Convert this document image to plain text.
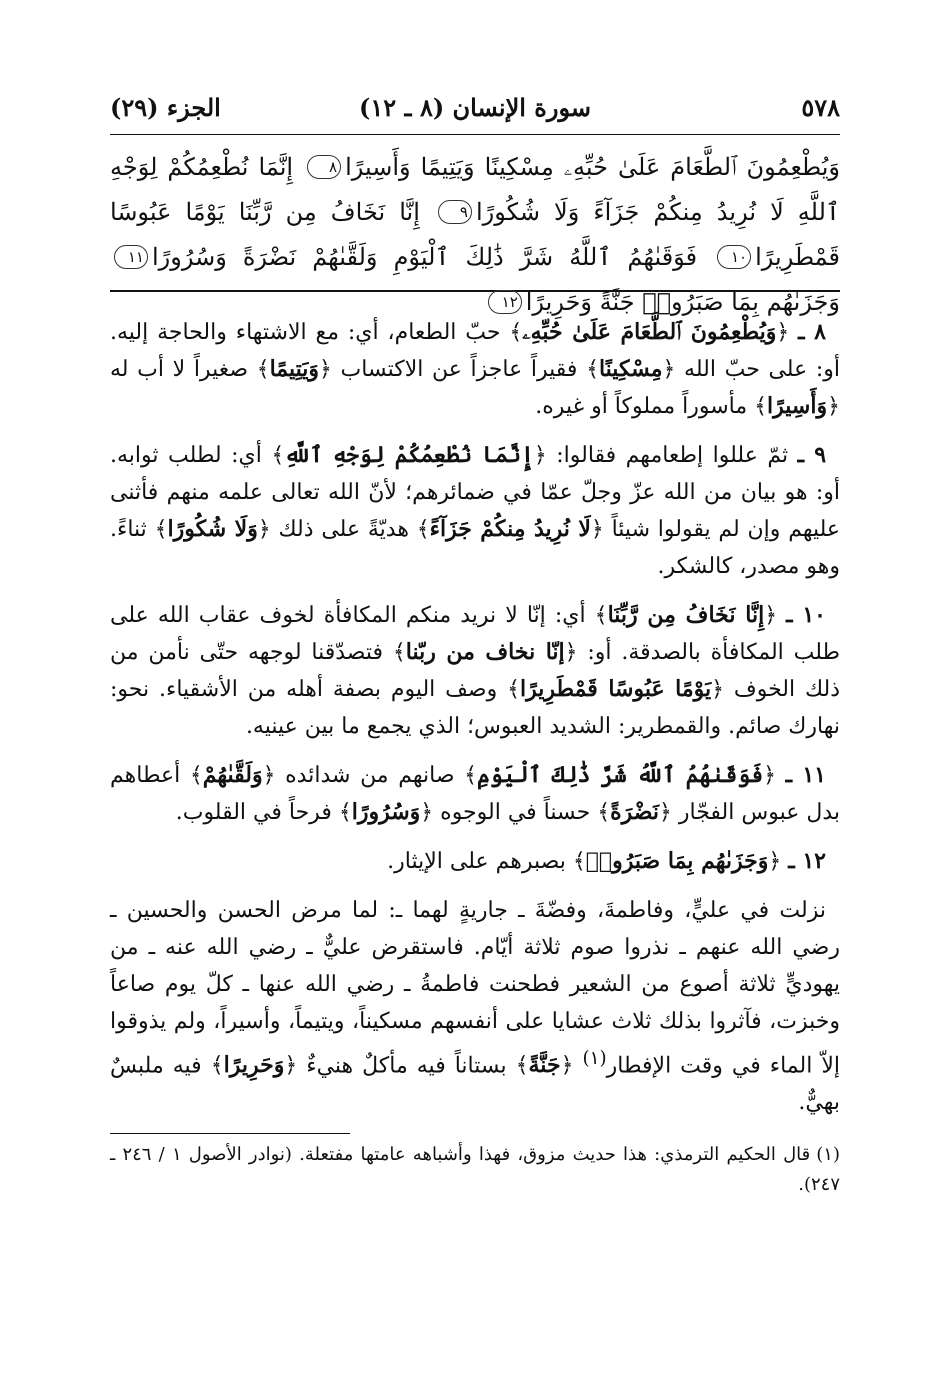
٥٧٨
سورة الإنسان (٨ ـ ١٢)
الجزء (٢٩)
وَيُطْعِمُونَ ٱلطَّعَامَ عَلَىٰ حُبِّهِۦ مِسْكِينًا وَيَتِيمًا وَأَسِيرًا٨ إِنَّمَا نُطْعِمُكُمْ لِوَجْهِ ٱللَّهِ لَا نُرِيدُ مِنكُمْ جَزَآءً وَلَا شُكُورًا٩ إِنَّا نَخَافُ مِن رَّبِّنَا يَوْمًا عَبُوسًا قَمْطَرِيرًا١٠ فَوَقَىٰهُمُ ٱللَّهُ شَرَّ ذَٰلِكَ ٱلْيَوْمِ وَلَقَّىٰهُمْ نَضْرَةً وَسُرُورًا١١ وَجَزَىٰهُم بِمَا صَبَرُوا۟ جَنَّةً وَحَرِيرًا١٢

٨ ـ ﴿وَيُطْعِمُونَ ٱلطَّعَامَ عَلَىٰ حُبِّهِۦ﴾ حبّ الطعام، أي: مع الاشتهاء والحاجة إليه. أو: على حبّ الله ﴿مِسْكِينًا﴾ فقيراً عاجزاً عن الاكتساب ﴿وَيَتِيمًا﴾ صغيراً لا أب له ﴿وَأَسِيرًا﴾ مأسوراً مملوكاً أو غيره.

٩ ـ ثمّ عللوا إطعامهم فقالوا: ﴿إِنَّمَا نُطْعِمُكُمْ لِوَجْهِ ٱللَّهِ﴾ أي: لطلب ثوابه. أو: هو بيان من الله عزّ وجلّ عمّا في ضمائرهم؛ لأنّ الله تعالى علمه منهم فأثنى عليهم وإن لم يقولوا شيئاً ﴿لَا نُرِيدُ مِنكُمْ جَزَآءً﴾ هديّةً على ذلك ﴿وَلَا شُكُورًا﴾ ثناءً. وهو مصدر، كالشكر.

١٠ ـ ﴿إِنَّا نَخَافُ مِن رَّبِّنَا﴾ أي: إنّا لا نريد منكم المكافأة لخوف عقاب الله على طلب المكافأة بالصدقة. أو: ﴿إنّا نخاف من ربّنا﴾ فتصدّقنا لوجهه حتّى نأمن من ذلك الخوف ﴿يَوْمًا عَبُوسًا قَمْطَرِيرًا﴾ وصف اليوم بصفة أهله من الأشقياء. نحو: نهارك صائم. والقمطرير: الشديد العبوس؛ الذي يجمع ما بين عينيه.

١١ ـ ﴿فَوَقَىٰهُمُ ٱللَّهُ شَرَّ ذَٰلِكَ ٱلْيَوْمِ﴾ صانهم من شدائده ﴿وَلَقَّىٰهُمْ﴾ أعطاهم بدل عبوس الفجّار ﴿نَضْرَةً﴾ حسناً في الوجوه ﴿وَسُرُورًا﴾ فرحاً في القلوب.

١٢ ـ ﴿وَجَزَىٰهُم بِمَا صَبَرُوا۟﴾ بصبرهم على الإيثار.

نزلت في عليٍّ، وفاطمةَ، وفضّةَ ـ جاريةٍ لهما ـ: لما مرض الحسن والحسين ـ رضي الله عنهم ـ نذروا صوم ثلاثة أيّام. فاستقرض عليٌّ ـ رضي الله عنه ـ من يهوديٍّ ثلاثة أصوع من الشعير فطحنت فاطمةُ ـ رضي الله عنها ـ كلّ يوم صاعاً وخبزت، فآثروا بذلك ثلاث عشايا على أنفسهم مسكيناً، ويتيماً، وأسيراً، ولم يذوقوا إلاّ الماء في وقت الإفطار$^{(١)}$ ﴿جَنَّةً﴾ بستاناً فيه مأكلٌ هنيءٌ ﴿وَحَرِيرًا﴾ فيه ملبسٌ بهيٌّ.

(١)قال الحكيم الترمذي: هذا حديث مزوق، فهذا وأشباهه عامتها مفتعلة. (نوادر الأصول ١ / ٢٤٦ ـ ٢٤٧).
